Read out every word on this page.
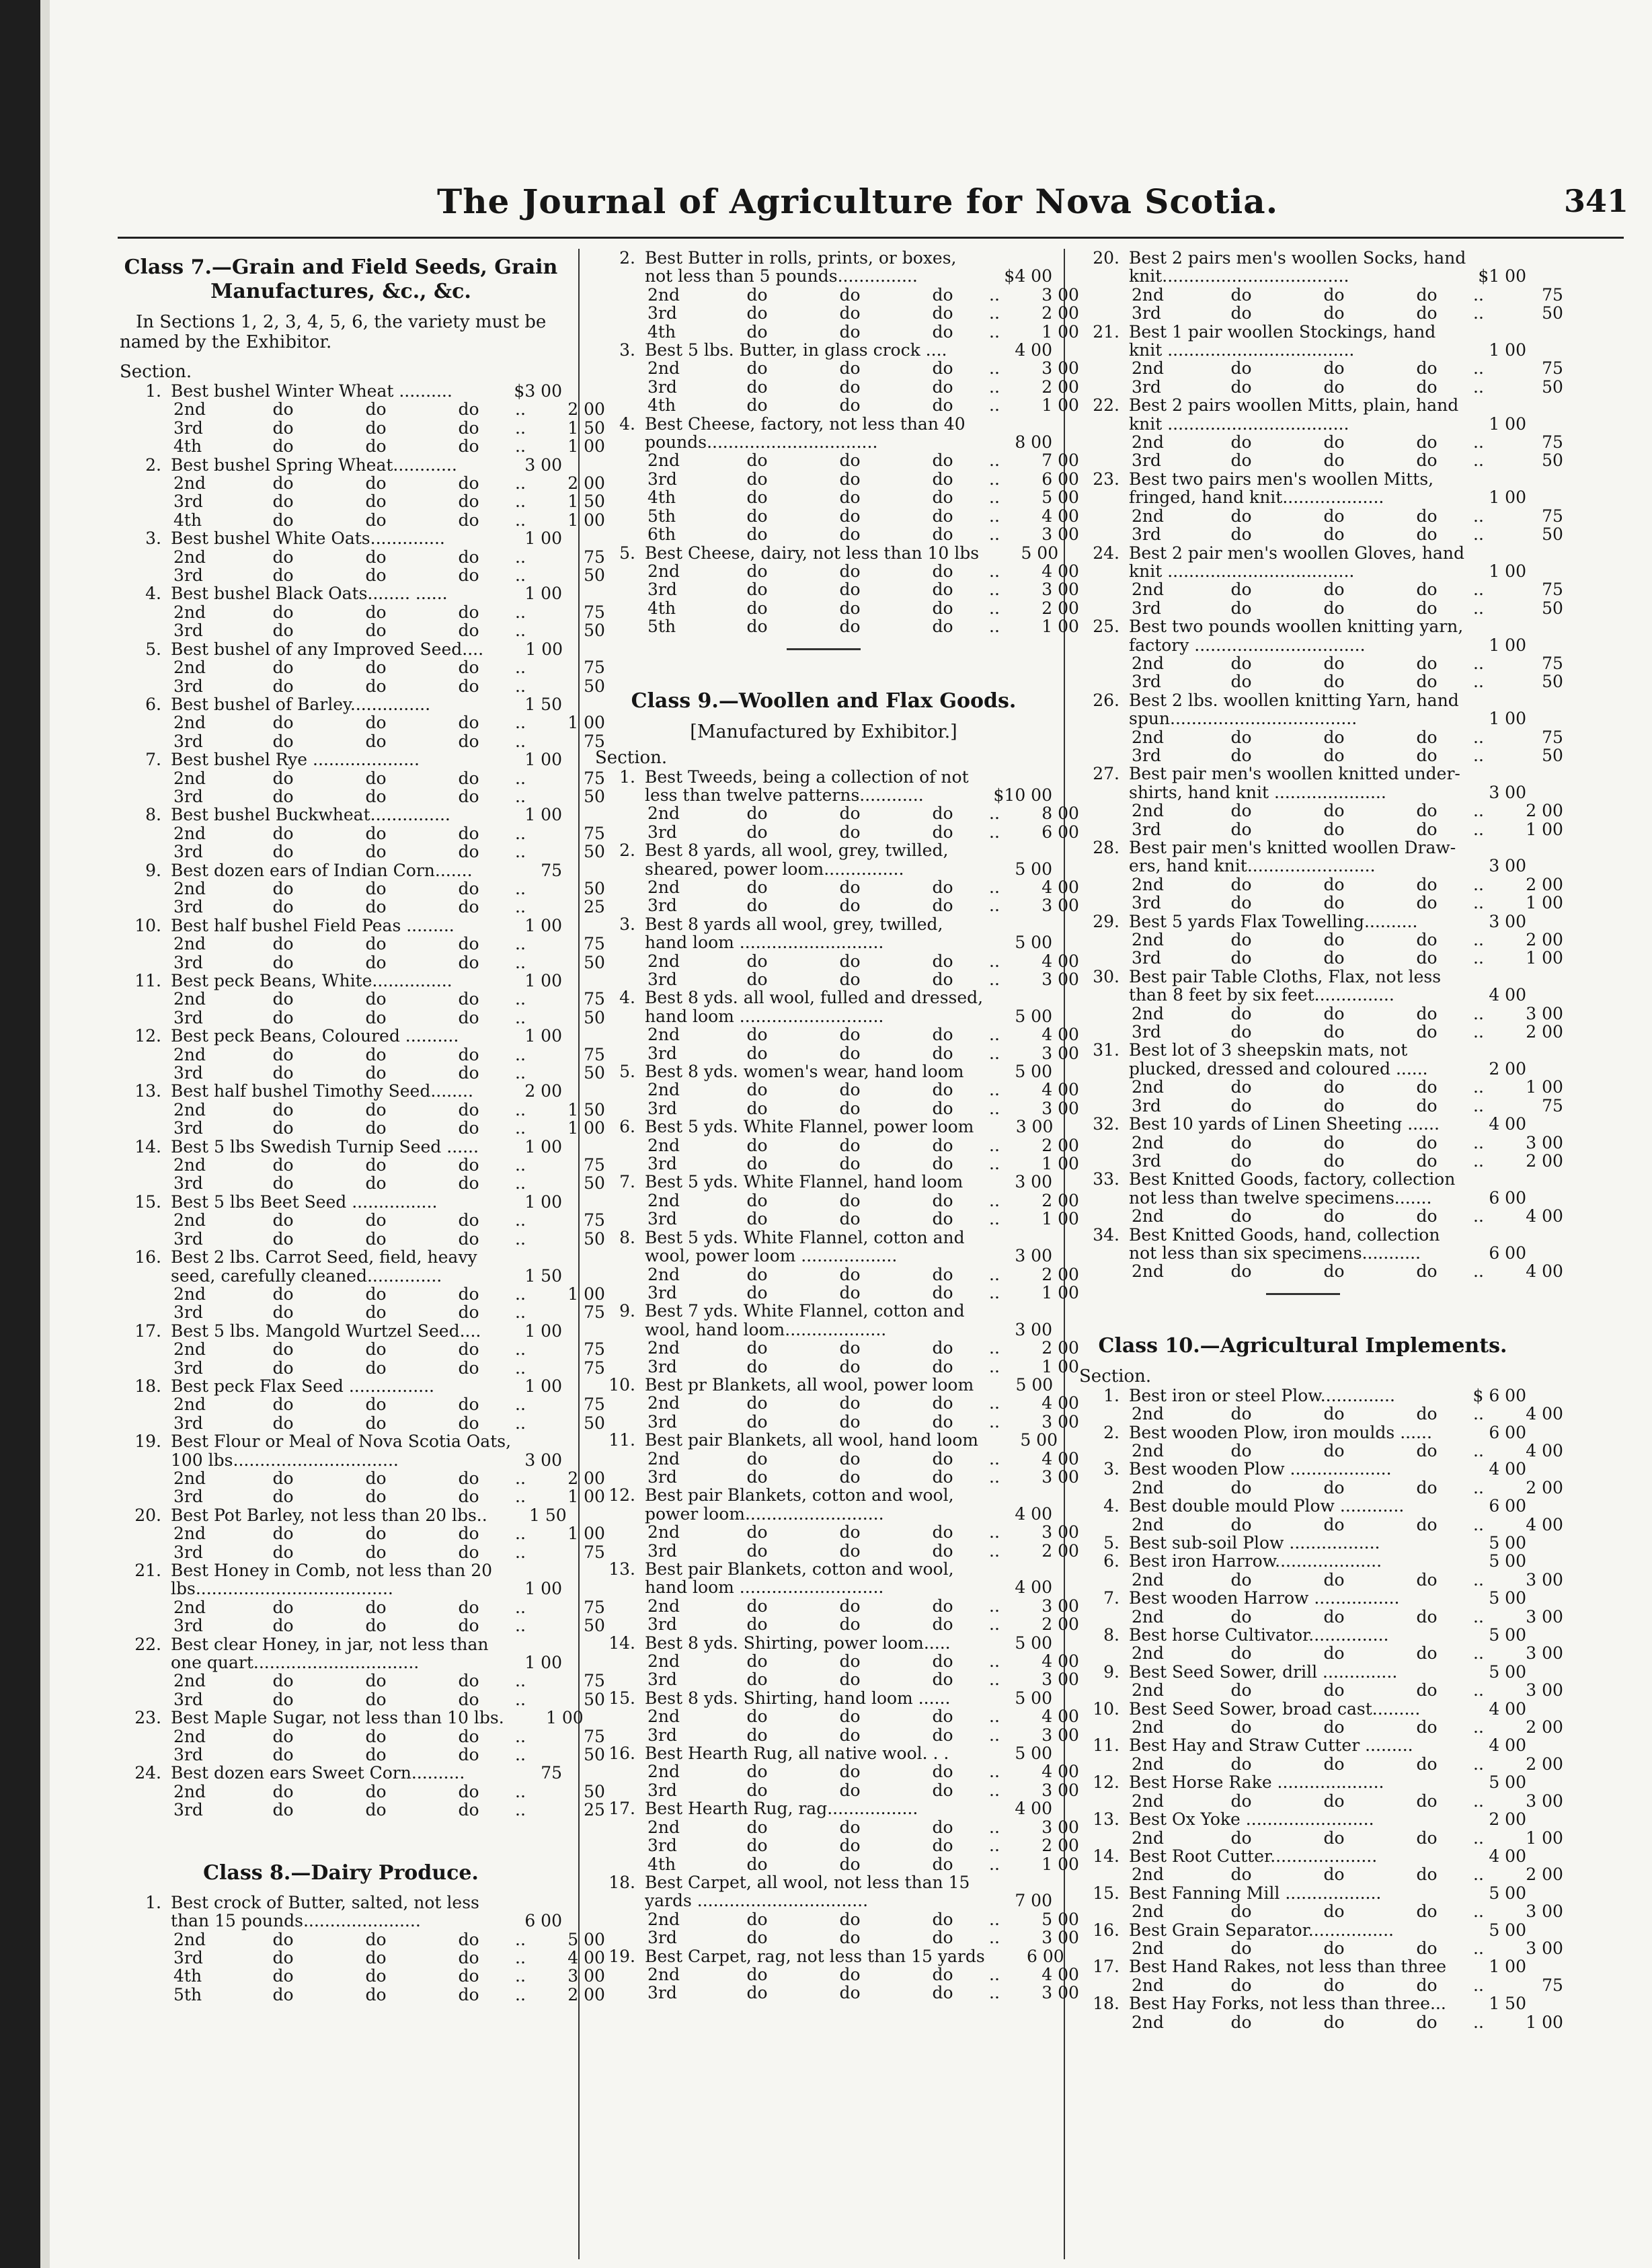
The Journal of Agriculture for Nova Scotia.	341
Class 7.—Grain and Field Seeds, Grain Manufactures, &c., &c.
In Sections 1, 2, 3, 4, 5, 6, the variety must be named by the Exhibitor.
Section.
1. Best bushel Winter Wheat ..........	$3 00
2nd	do	do	do	..	2 00
3rd	do	do	do	..	1 50
4th	do	do	do	..	1 00
2. Best bushel Spring Wheat............	3 00
2nd	do	do	do	..	2 00
3rd	do	do	do	..	1 50
4th	do	do	do	..	1 00
3. Best bushel White Oats..............	1 00
2nd	do	do	do	..	75
3rd	do	do	do	..	50
4. Best bushel Black Oats........ ......	1 00
2nd	do	do	do	..	75
3rd	do	do	do	..	50
5. Best bushel of any Improved Seed....	1 00
2nd	do	do	do	..	75
3rd	do	do	do	..	50
6. Best bushel of Barley...............	1 50
2nd	do	do	do	..	1 00
3rd	do	do	do	..	75
7. Best bushel Rye ....................	1 00
2nd	do	do	do	..	75
3rd	do	do	do	..	50
8. Best bushel Buckwheat...............	1 00
2nd	do	do	do	..	75
3rd	do	do	do	..	50
9. Best dozen ears of Indian Corn.......	75
2nd	do	do	do	..	50
3rd	do	do	do	..	25
10. Best half bushel Field Peas .........	1 00
2nd	do	do	do	..	75
3rd	do	do	do	..	50
11. Best peck Beans, White...............	1 00
2nd	do	do	do	..	75
3rd	do	do	do	..	50
12. Best peck Beans, Coloured ..........	1 00
2nd	do	do	do	..	75
3rd	do	do	do	..	50
13. Best half bushel Timothy Seed........	2 00
2nd	do	do	do	..	1 50
3rd	do	do	do	..	1 00
14. Best 5 lbs Swedish Turnip Seed ......	1 00
2nd	do	do	do	..	75
3rd	do	do	do	..	50
15. Best 5 lbs Beet Seed ................	1 00
2nd	do	do	do	..	75
3rd	do	do	do	..	50
16. Best 2 lbs. Carrot Seed, field, heavy
seed, carefully cleaned..............	1 50
2nd	do	do	do	..	1 00
3rd	do	do	do	..	75
17. Best 5 lbs. Mangold Wurtzel Seed....	1 00
2nd	do	do	do	..	75
3rd	do	do	do	..	75
18. Best peck Flax Seed ................	1 00
2nd	do	do	do	..	75
3rd	do	do	do	..	50
19. Best Flour or Meal of Nova Scotia Oats,
100 lbs...............................	3 00
2nd	do	do	do	..	2 00
3rd	do	do	do	..	1 00
20. Best Pot Barley, not less than 20 lbs..	1 50
2nd	do	do	do	..	1 00
3rd	do	do	do	..	75
21. Best Honey in Comb, not less than 20
lbs.....................................	1 00
2nd	do	do	do	..	75
3rd	do	do	do	..	50
22. Best clear Honey, in jar, not less than
one quart...............................	1 00
2nd	do	do	do	..	75
3rd	do	do	do	..	50
23. Best Maple Sugar, not less than 10 lbs.	1 00
2nd	do	do	do	..	75
3rd	do	do	do	..	50
24. Best dozen ears Sweet Corn..........	75
2nd	do	do	do	..	50
3rd	do	do	do	..	25
Class 8.—Dairy Produce.
1. Best crock of Butter, salted, not less
than 15 pounds......................	6 00
2nd	do	do	do	..	5 00
3rd	do	do	do	..	4 00
4th	do	do	do	..	3 00
5th	do	do	do	..	2 00
2. Best Butter in rolls, prints, or boxes,
not less than 5 pounds...............	$4 00
2nd	do	do	do	..	3 00
3rd	do	do	do	..	2 00
4th	do	do	do	..	1 00
3. Best 5 lbs. Butter, in glass crock ....	4 00
2nd	do	do	do	..	3 00
3rd	do	do	do	..	2 00
4th	do	do	do	..	1 00
4. Best Cheese, factory, not less than 40
pounds................................	8 00
2nd	do	do	do	..	7 00
3rd	do	do	do	..	6 00
4th	do	do	do	..	5 00
5th	do	do	do	..	4 00
6th	do	do	do	..	3 00
5. Best Cheese, dairy, not less than 10 lbs	5 00
2nd	do	do	do	..	4 00
3rd	do	do	do	..	3 00
4th	do	do	do	..	2 00
5th	do	do	do	..	1 00
Class 9.—Woollen and Flax Goods.
[Manufactured by Exhibitor.]
Section.
1. Best Tweeds, being a collection of not
less than twelve patterns............	$10 00
2nd	do	do	do	..	8 00
3rd	do	do	do	..	6 00
2. Best 8 yards, all wool, grey, twilled,
sheared, power loom...............	5 00
2nd	do	do	do	..	4 00
3rd	do	do	do	..	3 00
3. Best 8 yards all wool, grey, twilled,
hand loom ...........................	5 00
2nd	do	do	do	..	4 00
3rd	do	do	do	..	3 00
4. Best 8 yds. all wool, fulled and dressed,
hand loom ...........................	5 00
2nd	do	do	do	..	4 00
3rd	do	do	do	..	3 00
5. Best 8 yds. women's wear, hand loom	5 00
2nd	do	do	do	..	4 00
3rd	do	do	do	..	3 00
6. Best 5 yds. White Flannel, power loom	3 00
2nd	do	do	do	..	2 00
3rd	do	do	do	..	1 00
7. Best 5 yds. White Flannel, hand loom	3 00
2nd	do	do	do	..	2 00
3rd	do	do	do	..	1 00
8. Best 5 yds. White Flannel, cotton and
wool, power loom ..................	3 00
2nd	do	do	do	..	2 00
3rd	do	do	do	..	1 00
9. Best 7 yds. White Flannel, cotton and
wool, hand loom...................	3 00
2nd	do	do	do	..	2 00
3rd	do	do	do	..	1 00
10. Best pr Blankets, all wool, power loom	5 00
2nd	do	do	do	..	4 00
3rd	do	do	do	..	3 00
11. Best pair Blankets, all wool, hand loom	5 00
2nd	do	do	do	..	4 00
3rd	do	do	do	..	3 00
12. Best pair Blankets, cotton and wool,
power loom..........................	4 00
2nd	do	do	do	..	3 00
3rd	do	do	do	..	2 00
13. Best pair Blankets, cotton and wool,
hand loom ...........................	4 00
2nd	do	do	do	..	3 00
3rd	do	do	do	..	2 00
14. Best 8 yds. Shirting, power loom.....	5 00
2nd	do	do	do	..	4 00
3rd	do	do	do	..	3 00
15. Best 8 yds. Shirting, hand loom ......	5 00
2nd	do	do	do	..	4 00
3rd	do	do	do	..	3 00
16. Best Hearth Rug, all native wool. . .	5 00
2nd	do	do	do	..	4 00
3rd	do	do	do	..	3 00
17. Best Hearth Rug, rag.................	4 00
2nd	do	do	do	..	3 00
3rd	do	do	do	..	2 00
4th	do	do	do	..	1 00
18. Best Carpet, all wool, not less than 15
yards ................................	7 00
2nd	do	do	do	..	5 00
3rd	do	do	do	..	3 00
19. Best Carpet, rag, not less than 15 yards	6 00
2nd	do	do	do	..	4 00
3rd	do	do	do	..	3 00
20. Best 2 pairs men's woollen Socks, hand
knit...................................	$1 00
2nd	do	do	do	..	75
3rd	do	do	do	..	50
21. Best 1 pair woollen Stockings, hand
knit ...................................	1 00
2nd	do	do	do	..	75
3rd	do	do	do	..	50
22. Best 2 pairs woollen Mitts, plain, hand
knit ..................................	1 00
2nd	do	do	do	..	75
3rd	do	do	do	..	50
23. Best two pairs men's woollen Mitts,
fringed, hand knit...................	1 00
2nd	do	do	do	..	75
3rd	do	do	do	..	50
24. Best 2 pair men's woollen Gloves, hand
knit ...................................	1 00
2nd	do	do	do	..	75
3rd	do	do	do	..	50
25. Best two pounds woollen knitting yarn,
factory ................................	1 00
2nd	do	do	do	..	75
3rd	do	do	do	..	50
26. Best 2 lbs. woollen knitting Yarn, hand
spun...................................	1 00
2nd	do	do	do	..	75
3rd	do	do	do	..	50
27. Best pair men's woollen knitted under-
shirts, hand knit .....................	3 00
2nd	do	do	do	..	2 00
3rd	do	do	do	..	1 00
28. Best pair men's knitted woollen Draw-
ers, hand knit........................	3 00
2nd	do	do	do	..	2 00
3rd	do	do	do	..	1 00
29. Best 5 yards Flax Towelling..........	3 00
2nd	do	do	do	..	2 00
3rd	do	do	do	..	1 00
30. Best pair Table Cloths, Flax, not less
than 8 feet by six feet...............	4 00
2nd	do	do	do	..	3 00
3rd	do	do	do	..	2 00
31. Best lot of 3 sheepskin mats, not
plucked, dressed and coloured ......	2 00
2nd	do	do	do	..	1 00
3rd	do	do	do	..	75
32. Best 10 yards of Linen Sheeting ......	4 00
2nd	do	do	do	..	3 00
3rd	do	do	do	..	2 00
33. Best Knitted Goods, factory, collection
not less than twelve specimens.......	6 00
2nd	do	do	do	..	4 00
34. Best Knitted Goods, hand, collection
not less than six specimens...........	6 00
2nd	do	do	do	..	4 00
Class 10.—Agricultural Implements.
Section.
1. Best iron or steel Plow..............	$ 6 00
2nd	do	do	do	..	4 00
2. Best wooden Plow, iron moulds ......	6 00
2nd	do	do	do	..	4 00
3. Best wooden Plow ...................	4 00
2nd	do	do	do	..	2 00
4. Best double mould Plow ............	6 00
2nd	do	do	do	..	4 00
5. Best sub-soil Plow .................	5 00
6. Best iron Harrow....................	5 00
2nd	do	do	do	..	3 00
7. Best wooden Harrow ................	5 00
2nd	do	do	do	..	3 00
8. Best horse Cultivator...............	5 00
2nd	do	do	do	..	3 00
9. Best Seed Sower, drill ..............	5 00
2nd	do	do	do	..	3 00
10. Best Seed Sower, broad cast.........	4 00
2nd	do	do	do	..	2 00
11. Best Hay and Straw Cutter .........	4 00
2nd	do	do	do	..	2 00
12. Best Horse Rake ....................	5 00
2nd	do	do	do	..	3 00
13. Best Ox Yoke ........................	2 00
2nd	do	do	do	..	1 00
14. Best Root Cutter....................	4 00
2nd	do	do	do	..	2 00
15. Best Fanning Mill ..................	5 00
2nd	do	do	do	..	3 00
16. Best Grain Separator................	5 00
2nd	do	do	do	..	3 00
17. Best Hand Rakes, not less than three	1 00
2nd	do	do	do	..	75
18. Best Hay Forks, not less than three...	1 50
2nd	do	do	do	..	1 00
